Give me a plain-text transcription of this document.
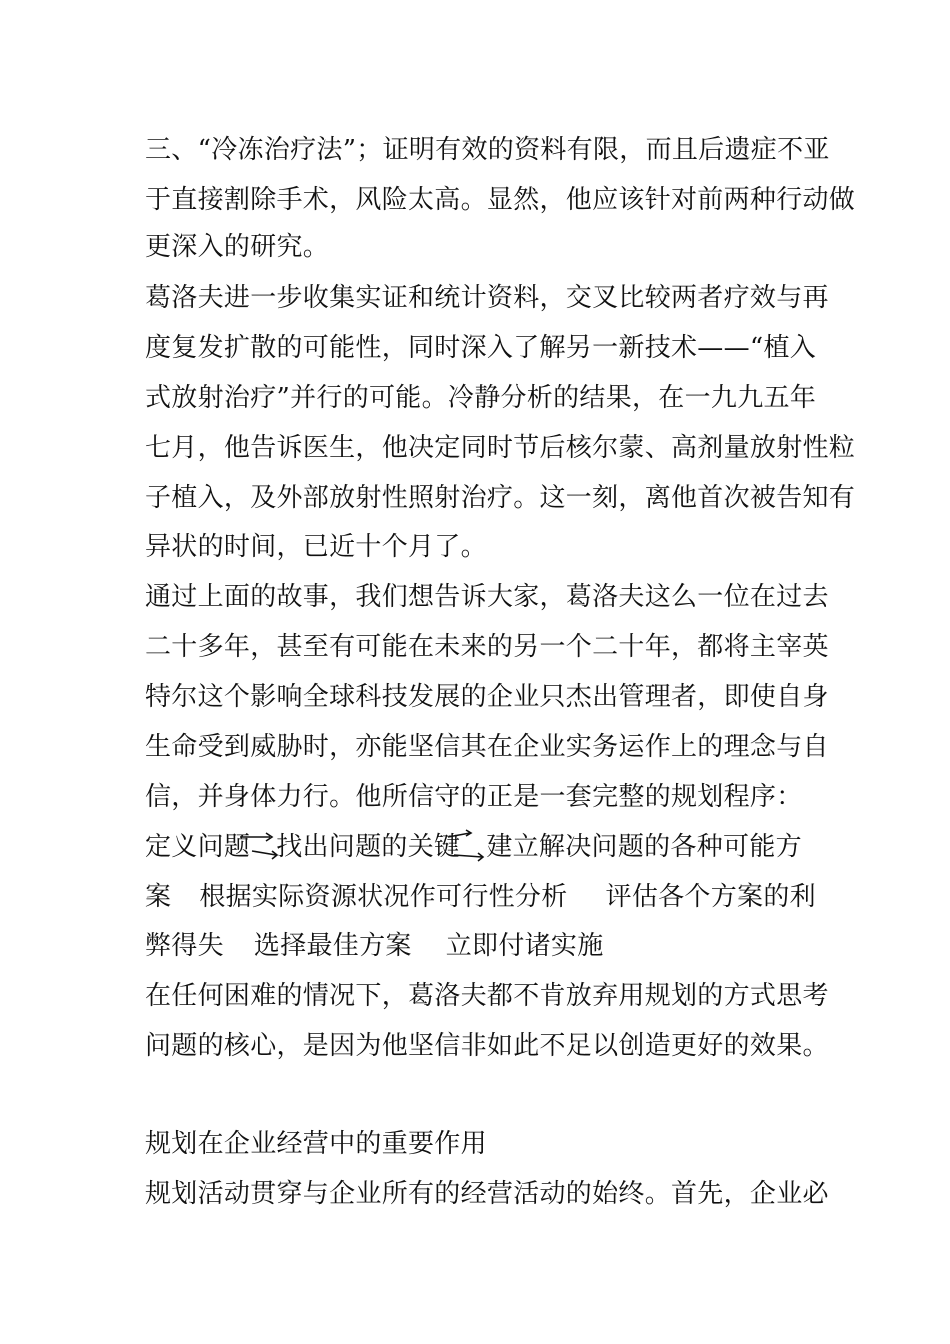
三、“冷冻治疗法”；证明有效的资料有限，而且后遗症不亚
于直接割除手术，风险太高。显然，他应该针对前两种行动做
更深入的研究。
葛洛夫进一步收集实证和统计资料，交叉比较两者疗效与再
度复发扩散的可能性，同时深入了解另一新技术——“植入
式放射治疗”并行的可能。冷静分析的结果，在一九九五年
七月，他告诉医生，他决定同时节后核尔蒙、高剂量放射性粒
子植入，及外部放射性照射治疗。这一刻，离他首次被告知有
异状的时间，已近十个月了。
通过上面的故事，我们想告诉大家，葛洛夫这么一位在过去
二十多年，甚至有可能在未来的另一个二十年，都将主宰英
特尔这个影响全球科技发展的企业只杰出管理者，即使自身
生命受到威胁时，亦能坚信其在企业实务运作上的理念与自
信，并身体力行。他所信守的正是一套完整的规划程序：
定义问题 找出问题的关键 建立解决问题的各种可能方
案 根据实际资源状况作可行性分析 评估各个方案的利
弊得失 选择最佳方案 立即付诸实施
在任何困难的情况下，葛洛夫都不肯放弃用规划的方式思考
问题的核心，是因为他坚信非如此不足以创造更好的效果。
规划在企业经营中的重要作用
规划活动贯穿与企业所有的经营活动的始终。首先，企业必
